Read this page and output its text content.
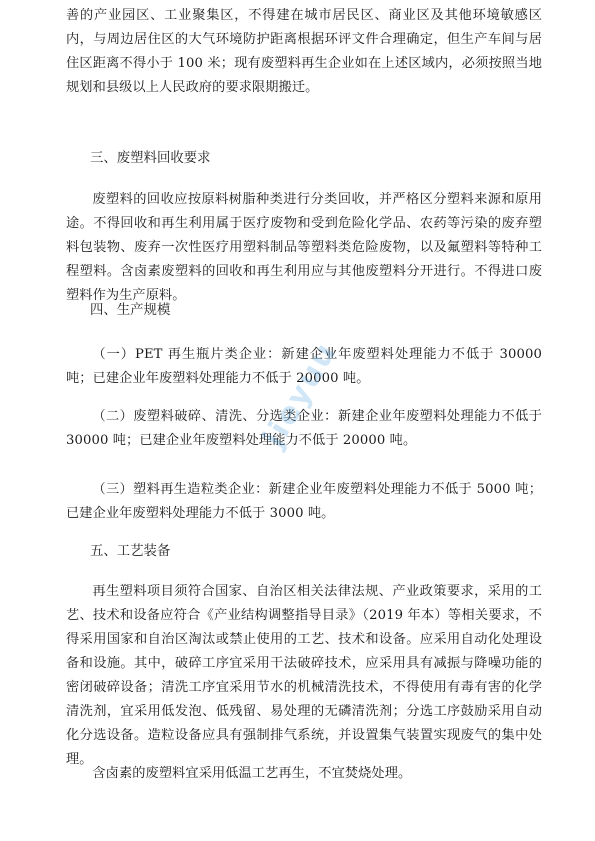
善的产业园区、工业聚集区，不得建在城市居民区、商业区及其他环境敏感区内，与周边居住区的大气环境防护距离根据环评文件合理确定，但生产车间与居住区距离不得小于 100 米；现有废塑料再生企业如在上述区域内，必须按照当地规划和县级以上人民政府的要求限期搬迁。

三、废塑料回收要求

废塑料的回收应按原料树脂种类进行分类回收，并严格区分塑料来源和原用途。不得回收和再生利用属于医疗废物和受到危险化学品、农药等污染的废弃塑料包装物、废弃一次性医疗用塑料制品等塑料类危险废物，以及氟塑料等特种工程塑料。含卤素废塑料的回收和再生利用应与其他废塑料分开进行。不得进口废塑料作为生产原料。

四、生产规模

（一）PET 再生瓶片类企业：新建企业年废塑料处理能力不低于 30000 吨；已建企业年废塑料处理能力不低于 20000 吨。

（二）废塑料破碎、清洗、分选类企业：新建企业年废塑料处理能力不低于 30000 吨；已建企业年废塑料处理能力不低于 20000 吨。

（三）塑料再生造粒类企业：新建企业年废塑料处理能力不低于 5000 吨；已建企业年废塑料处理能力不低于 3000 吨。

五、工艺装备

再生塑料项目须符合国家、自治区相关法律法规、产业政策要求，采用的工艺、技术和设备应符合《产业结构调整指导目录》（2019 年本）等相关要求，不得采用国家和自治区淘汰或禁止使用的工艺、技术和设备。应采用自动化处理设备和设施。其中，破碎工序宜采用干法破碎技术，应采用具有减振与降噪功能的密闭破碎设备；清洗工序宜采用节水的机械清洗技术，不得使用有毒有害的化学清洗剂，宜采用低发泡、低残留、易处理的无磷清洗剂；分选工序鼓励采用自动化分选设备。造粒设备应具有强制排气系统，并设置集气装置实现废气的集中处理。

含卤素的废塑料宜采用低温工艺再生，不宜焚烧处理。

jieyuu
